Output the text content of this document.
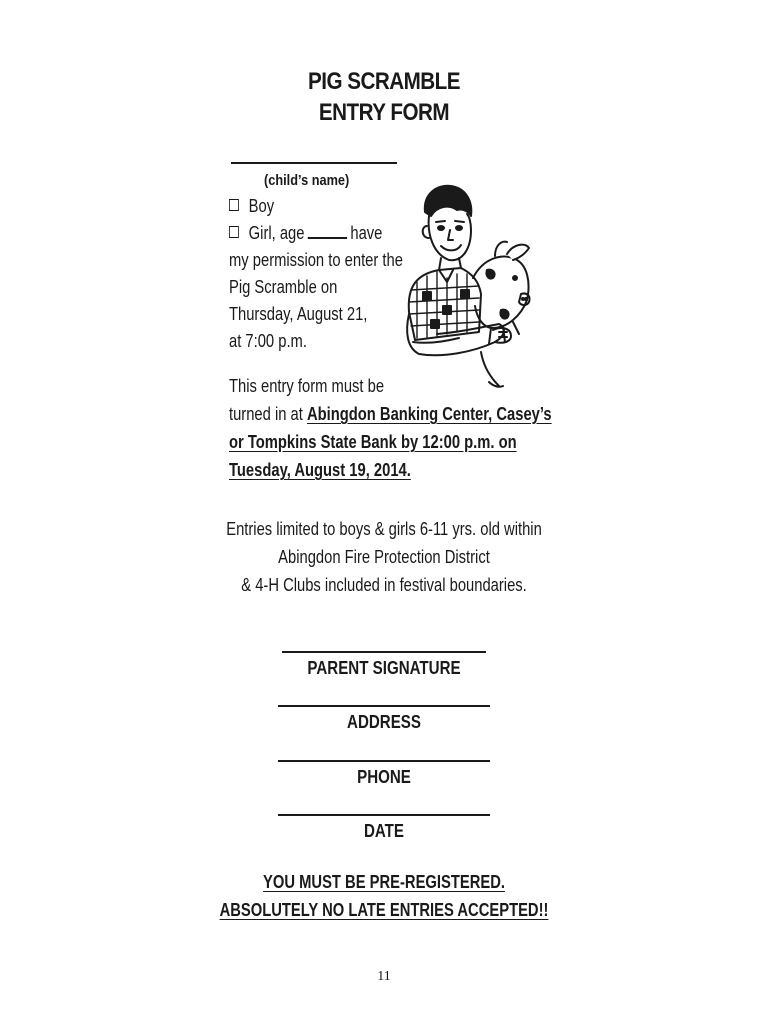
PIG SCRAMBLE
ENTRY FORM
(child’s name)
Boy
Girl, age	have
my permission to enter the
Pig Scramble on
Thursday, August 21,
at 7:00 p.m.
This entry form must be
turned in at Abingdon Banking Center, Casey’s
or Tompkins State Bank by 12:00 p.m. on
Tuesday, August 19, 2014.
Entries limited to boys & girls 6-11 yrs. old within
Abingdon Fire Protection District
& 4-H Clubs included in festival boundaries.
PARENT SIGNATURE
ADDRESS
PHONE
DATE
YOU MUST BE PRE-REGISTERED.
ABSOLUTELY NO LATE ENTRIES ACCEPTED!!
11
